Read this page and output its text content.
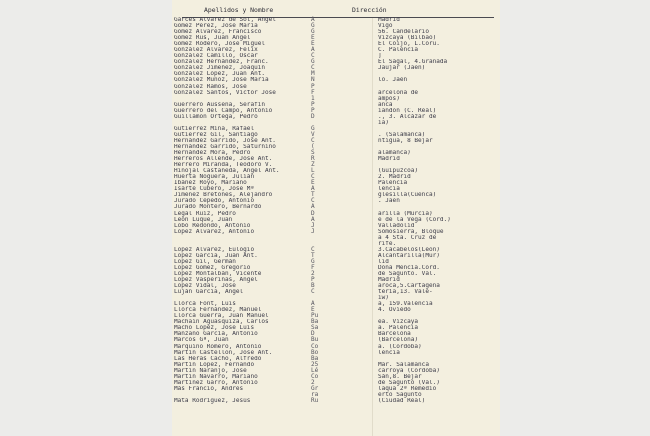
Apellidos y Nombre	Dirección
Garcés Alvarez de Sot, Angel	A	Madrid
Gómez Pérez, José María	G	Vigo
Gómez Alvarez, Francisco	G	56. Candelario
Gómez Rus, Juan Angel	E	Vizcaya (Bilbao)
Gómez Rodero, José Miguel	E	El Coijo, L.Coru.
González Alvarez, Félix	A	C. Palencia
González Camillo, Oscar	C	]
González Hernández, Franc.	G	El Sagal, 4.Granada
González Jiménez, Joaquín	C	Jaujar (Jaén)
González López, Juan Ant.	M
González Muñoz, José María	N	lo. Jaén
González Ramos, José	P
González Santos, Víctor José	F	arcelona de
1	ampos)
Guerrero Aussena, Serafín	P	anca
Guerrero del Campo, Antonio	P	iandon (C. Real)
Guillamón Ortega, Pedro	D	., 3. Alcázar de
ia)
Gutiérrez Mina, Rafael	G
Gutiérrez Gil, Santiago	V	. (Salamanca)
Hernández Garrido, José Ant.	C	ntigua, 8 Béjar
Hernández Garrido, Saturnino	(
Hernández Mora, Pedro	S	alamanca)
Herreros Allende, José Ant.	R	Madrid
Herrero Miranda, Teodoro V.	Z
Hinojal Castañeda, Angel Ant.	L	(Guipuzcoa)
Huerta Noguera, Julián	C	2. Madrid
Ibáñez Royo, Mariano	E	Palencia
Isarte Cubero, José Mª	A	lencia
Jiménez Bretones, Alejandro	T	glesilla(Cuenca)
Jurado Cepedo, Antonio	C	. Jaén
Jurado Montero, Bernardo	A
Legal Ruiz, Pedro	D	arilla (Murcia)
León Luque, Juan	A	e de la Vega (Córd.)
Lobo Redondo, Antonio	J	Valladolid
López Alvarez, Antonio	J	Somosierra, Bloque
a 4 Sta. Cruz de
rife.
López Alvarez, Eulogio	C	3.Cacabelos(León)
López García, Juan Ant.	T	Alcantarilla(Mur)
López Gil, Germán	G	lid
López Gómez, Gregorio	F	Doña Mencía.Córd.
López Montalbán, Vicente	2	de Sagunto. Val.
López Vasperinas, Angel	P	Madrid
López Vidal, José	B	aroca,5.Cartagena
Luján García, Angel	C	tería,13. Vale-
iw)
Llorca Font, Luis	A	a, 159.Valencia
Llorca Fernández, Manuel	E	4. Oviedo
Llorca Guerra, Juan Manuel	Pu
Machain Aguasquiza, Carlos	Ba	ea. Vizcaya
Macho López, José Luis	Sa	a. Palencia
Manzano García, Antonio	D	Barcelona
Marcos Gª, Juan	Bu	(Barcelona)
Marquino Romero, Antonio	Co	a. (Córdoba)
Martín Castellón, José Ant.	Bo	lencia
Las Heras Cacho, Alfredo	Ba
Martín López, Fernando	25	Mar. Salamanca
Martín Naranjo, José	Lé	carroya (Córdoba)
Martín Navarro, Mariano	Co	Sán,8. Béjar
Martínez Garro, Antonio	2	de Sagunto (Val.)
Más Franció, Andrés	Gr	laqua 2ª Remedio
ra	erto Sagunto
Mata Rodríguez, Jesús	Ru	(Ciudad Real)
